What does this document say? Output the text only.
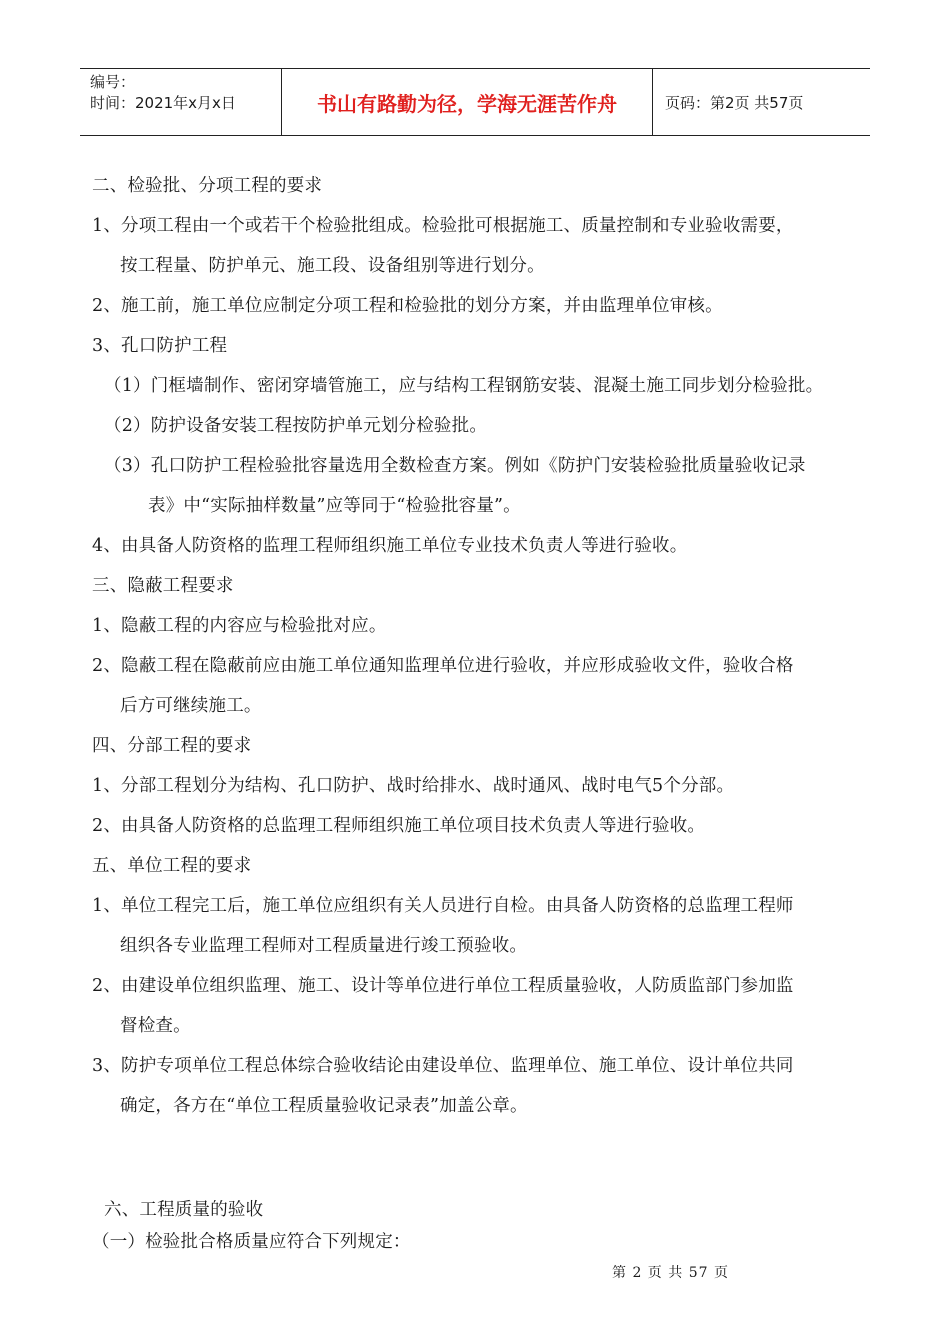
编号：
时间：2021年x月x日	书山有路勤为径，学海无涯苦作舟	页码：第2页 共57页
二、检验批、分项工程的要求
1、分项工程由一个或若干个检验批组成。检验批可根据施工、质量控制和专业验收需要，
按工程量、防护单元、施工段、设备组别等进行划分。
2、施工前，施工单位应制定分项工程和检验批的划分方案，并由监理单位审核。
3、孔口防护工程
（1）门框墙制作、密闭穿墙管施工，应与结构工程钢筋安装、混凝土施工同步划分检验批。
（2）防护设备安装工程按防护单元划分检验批。
（3）孔口防护工程检验批容量选用全数检查方案。例如《防护门安装检验批质量验收记录
表》中“实际抽样数量”应等同于“检验批容量”。
4、由具备人防资格的监理工程师组织施工单位专业技术负责人等进行验收。
三、隐蔽工程要求
1、隐蔽工程的内容应与检验批对应。
2、隐蔽工程在隐蔽前应由施工单位通知监理单位进行验收，并应形成验收文件，验收合格
后方可继续施工。
四、分部工程的要求
1、分部工程划分为结构、孔口防护、战时给排水、战时通风、战时电气5个分部。
2、由具备人防资格的总监理工程师组织施工单位项目技术负责人等进行验收。
五、单位工程的要求
1、单位工程完工后，施工单位应组织有关人员进行自检。由具备人防资格的总监理工程师
组织各专业监理工程师对工程质量进行竣工预验收。
2、由建设单位组织监理、施工、设计等单位进行单位工程质量验收，人防质监部门参加监
督检查。
3、防护专项单位工程总体综合验收结论由建设单位、监理单位、施工单位、设计单位共同
确定，各方在“单位工程质量验收记录表”加盖公章。
六、工程质量的验收
（一）检验批合格质量应符合下列规定：
第 2 页 共 57 页
